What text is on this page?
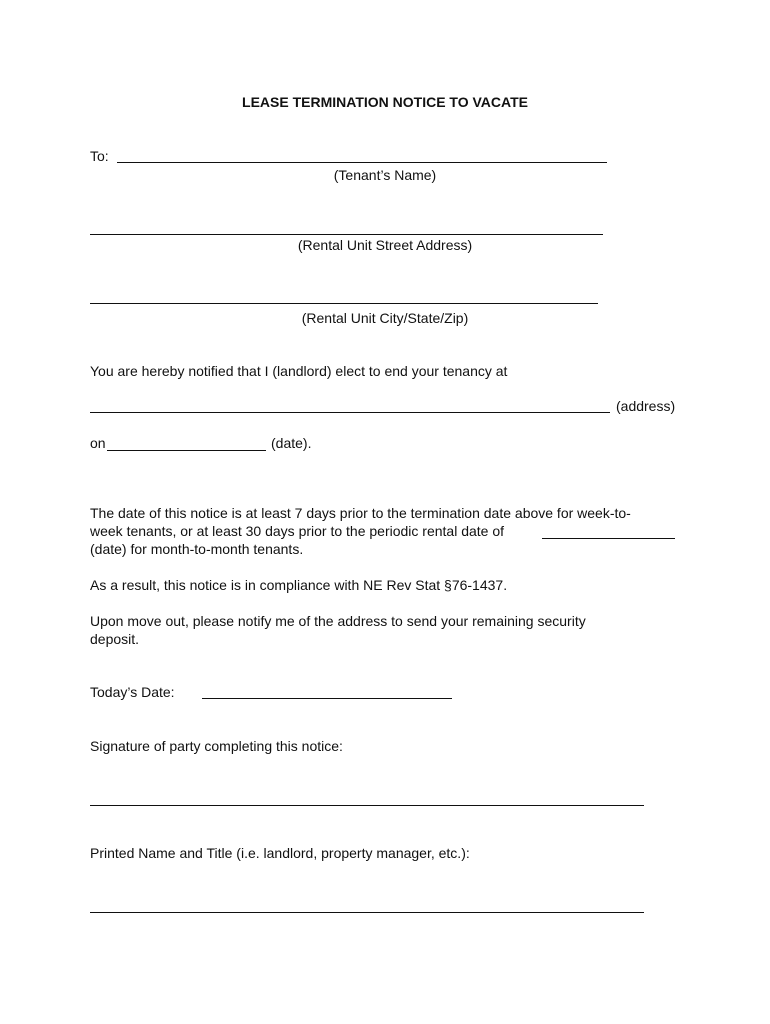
LEASE TERMINATION NOTICE TO VACATE
To:
(Tenant’s Name)
(Rental Unit Street Address)
(Rental Unit City/State/Zip)
You are hereby notified that I (landlord) elect to end your tenancy at
(address)
on	(date).
The date of this notice is at least 7 days prior to the termination date above for week-to-
week tenants, or at least 30 days prior to the periodic rental date of
(date) for month-to-month tenants.
As a result, this notice is in compliance with NE Rev Stat §76-1437.
Upon move out, please notify me of the address to send your remaining security
deposit.
Today’s Date:
Signature of party completing this notice:
Printed Name and Title (i.e. landlord, property manager, etc.):
